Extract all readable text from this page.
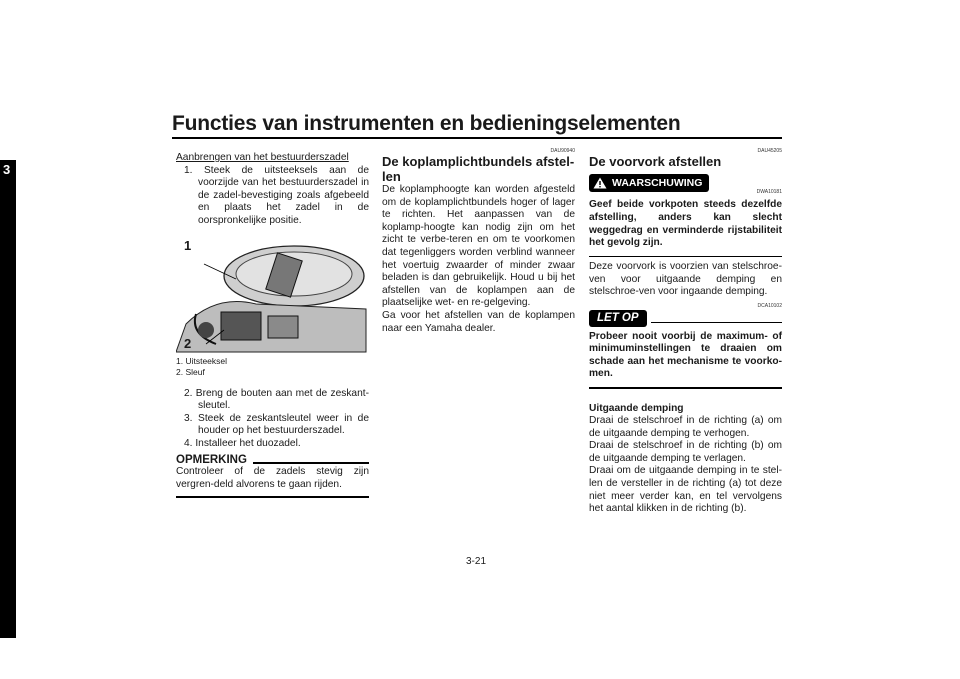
Functies van instrumenten en bedieningselementen
3

Aanbrengen van het bestuurderszadel

1. Steek de uitsteeksels aan de voorzijde van het bestuurderszadel in de zadel-bevestiging zoals afgebeeld en plaats het zadel in de oorspronkelijke positie.

1
2

1. Uitsteeksel

2. Sleuf

2. Breng de bouten aan met de zeskant-sleutel.

3. Steek de zeskantsleutel weer in de houder op het bestuurderszadel.

4. Installeer het duozadel.

OPMERKING

Controleer of de zadels stevig zijn vergren-deld alvorens te gaan rijden.

DAU90940

De koplamplichtbundels afstel-len

De koplamphoogte kan worden afgesteld om de koplamplichtbundels hoger of lager te richten. Het aanpassen van de koplamp-hoogte kan nodig zijn om het zicht te verbe-teren en om te voorkomen dat tegenliggers worden verblind wanneer het voertuig zwaarder of minder zwaar beladen is dan gebruikelijk. Houd u bij het afstellen van de koplampen aan de plaatselijke wet- en re-gelgeving.

Ga voor het afstellen van de koplampen naar een Yamaha dealer.

DAU45205

De voorvork afstellen
WAARSCHUWING

DWA10181

Geef beide vorkpoten steeds dezelfde afstelling, anders kan slecht weggedrag en verminderde rijstabiliteit het gevolg zijn.

Deze voorvork is voorzien van stelschroe-ven voor uitgaande demping en stelschroe-ven voor ingaande demping.

DCA10102

LET OP

Probeer nooit voorbij de maximum- of minimuminstellingen te draaien om schade aan het mechanisme te voorko-men.

Uitgaande demping

Draai de stelschroef in de richting (a) om de uitgaande demping te verhogen.

Draai de stelschroef in de richting (b) om de uitgaande demping te verlagen.

Draai om de uitgaande demping in te stel-len de versteller in de richting (a) tot deze niet meer verder kan, en tel vervolgens het aantal klikken in de richting (b).

3-21
